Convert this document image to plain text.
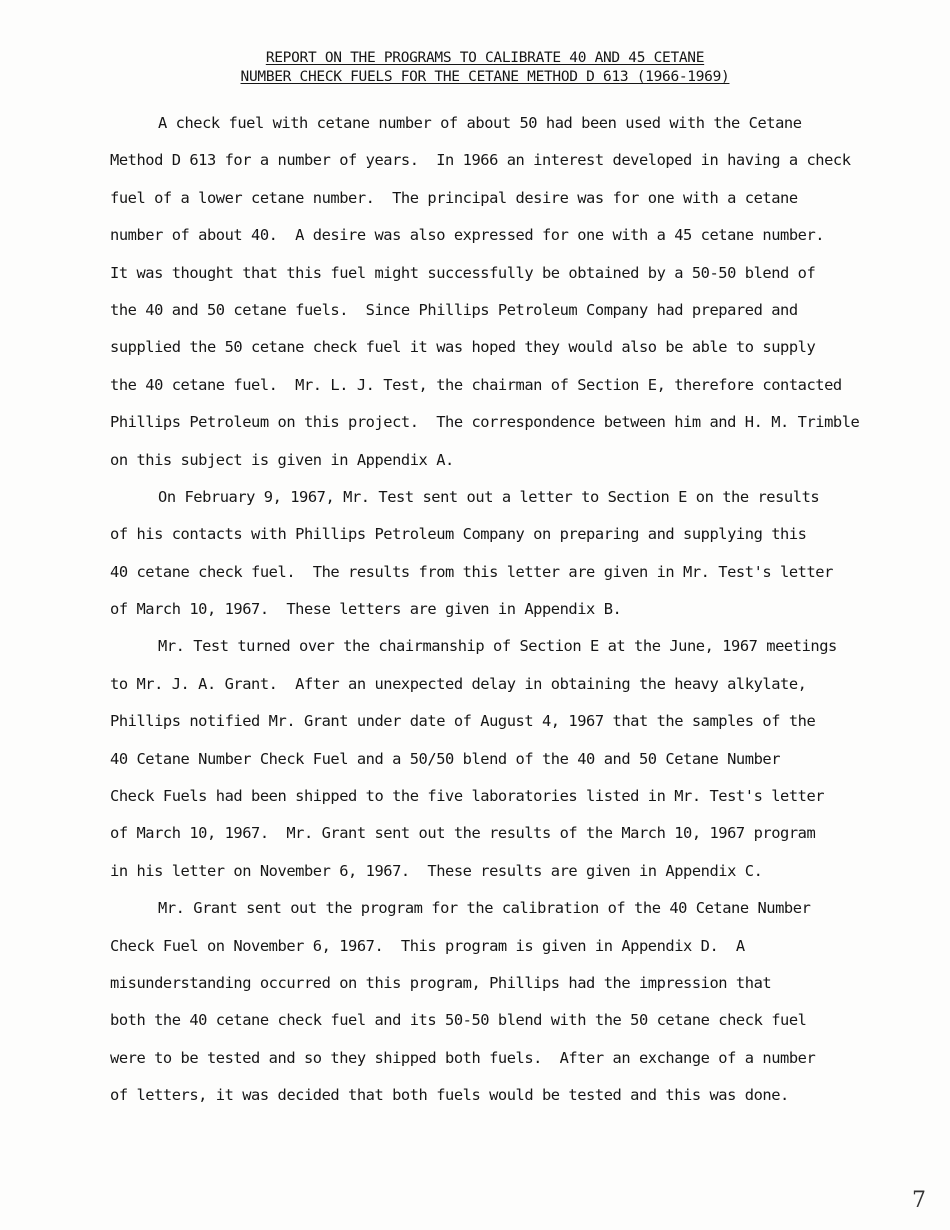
REPORT ON THE PROGRAMS TO CALIBRATE 40 AND 45 CETANE
NUMBER CHECK FUELS FOR THE CETANE METHOD D 613 (1966-1969)
A check fuel with cetane number of about 50 had been used with the Cetane
Method D 613 for a number of years.  In 1966 an interest developed in having a check
fuel of a lower cetane number.  The principal desire was for one with a cetane
number of about 40.  A desire was also expressed for one with a 45 cetane number.
It was thought that this fuel might successfully be obtained by a 50-50 blend of
the 40 and 50 cetane fuels.  Since Phillips Petroleum Company had prepared and
supplied the 50 cetane check fuel it was hoped they would also be able to supply
the 40 cetane fuel.  Mr. L. J. Test, the chairman of Section E, therefore contacted
Phillips Petroleum on this project.  The correspondence between him and H. M. Trimble
on this subject is given in Appendix A.
On February 9, 1967, Mr. Test sent out a letter to Section E on the results
of his contacts with Phillips Petroleum Company on preparing and supplying this
40 cetane check fuel.  The results from this letter are given in Mr. Test's letter
of March 10, 1967.  These letters are given in Appendix B.
Mr. Test turned over the chairmanship of Section E at the June, 1967 meetings
to Mr. J. A. Grant.  After an unexpected delay in obtaining the heavy alkylate,
Phillips notified Mr. Grant under date of August 4, 1967 that the samples of the
40 Cetane Number Check Fuel and a 50/50 blend of the 40 and 50 Cetane Number
Check Fuels had been shipped to the five laboratories listed in Mr. Test's letter
of March 10, 1967.  Mr. Grant sent out the results of the March 10, 1967 program
in his letter on November 6, 1967.  These results are given in Appendix C.
Mr. Grant sent out the program for the calibration of the 40 Cetane Number
Check Fuel on November 6, 1967.  This program is given in Appendix D.  A
misunderstanding occurred on this program, Phillips had the impression that
both the 40 cetane check fuel and its 50-50 blend with the 50 cetane check fuel
were to be tested and so they shipped both fuels.  After an exchange of a number
of letters, it was decided that both fuels would be tested and this was done.
7
